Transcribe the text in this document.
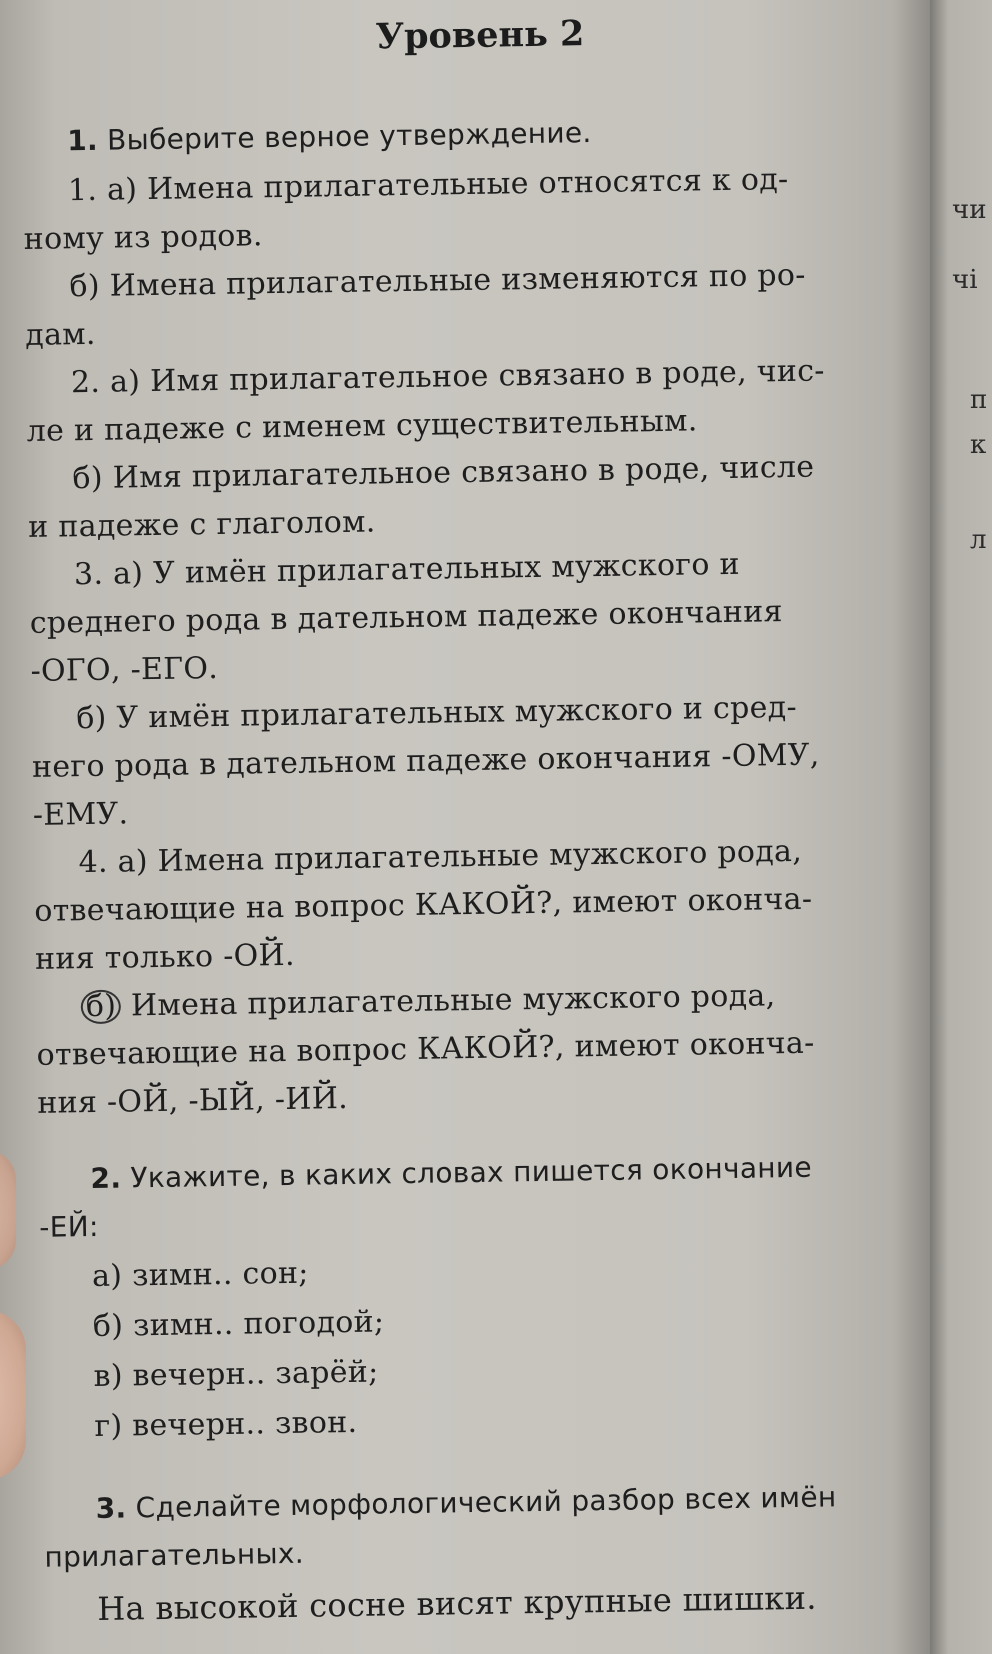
Уровень 2
1. Выберите верное утверждение.
1. а) Имена прилагательные относятся к од-
ному из родов.
б) Имена прилагательные изменяются по ро-
дам.
2. а) Имя прилагательное связано в роде, чис-
ле и падеже с именем существительным.
б) Имя прилагательное связано в роде, числе
и падеже с глаголом.
3. а) У имён прилагательных мужского и
среднего рода в дательном падеже окончания
-ОГО, -ЕГО.
б) У имён прилагательных мужского и сред-
него рода в дательном падеже окончания -ОМУ,
-ЕМУ.
4. а) Имена прилагательные мужского рода,
отвечающие на вопрос КАКОЙ?, имеют оконча-
ния только -ОЙ.
б) Имена прилагательные мужского рода,
отвечающие на вопрос КАКОЙ?, имеют оконча-
ния -ОЙ, -ЫЙ, -ИЙ.
2. Укажите, в каких словах пишется окончание
-ЕЙ:
а) зимн.. сон;
б) зимн.. погодой;
в) вечерн.. зарёй;
г) вечерн.. звон.
3. Сделайте морфологический разбор всех имён
прилагательных.
На высокой сосне висят крупные шишки.
чи
чі
п
к
л
